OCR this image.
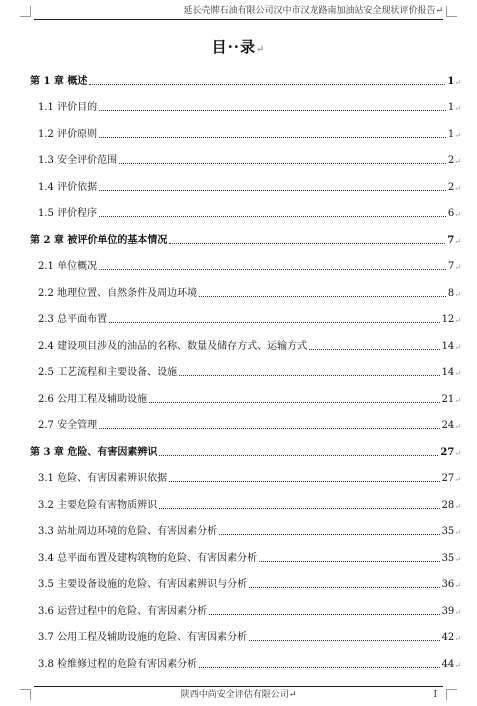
延长壳牌石油有限公司汉中市汉龙路南加油站安全现状评价报告↵
目··录↵
第 1 章 概述	1 ↵
1.1 评价目的	1 ↵
1.2 评价原则	1 ↵
1.3 安全评价范围	2 ↵
1.4 评价依据	2 ↵
1.5 评价程序	6 ↵
第 2 章 被评价单位的基本情况	7 ↵
2.1 单位概况	7 ↵
2.2 地理位置、自然条件及周边环境	8 ↵
2.3 总平面布置	12 ↵
2.4 建设项目涉及的油品的名称、数量及储存方式、运输方式	14 ↵
2.5 工艺流程和主要设备、设施	14 ↵
2.6 公用工程及辅助设施	21 ↵
2.7 安全管理	24 ↵
第 3 章 危险、有害因素辨识	27 ↵
3.1 危险、有害因素辨识依据	27 ↵
3.2 主要危险有害物质辨识	28 ↵
3.3 站址周边环境的危险、有害因素分析	35 ↵
3.4 总平面布置及建构筑物的危险、有害因素分析	35 ↵
3.5 主要设备设施的危险、有害因素辨识与分析	36 ↵
3.6 运营过程中的危险、有害因素分析	39 ↵
3.7 公用工程及辅助设施的危险、有害因素分析	42 ↵
3.8 检维修过程的危险有害因素分析	44 ↵
陕西中尚安全评估有限公司↵	I
